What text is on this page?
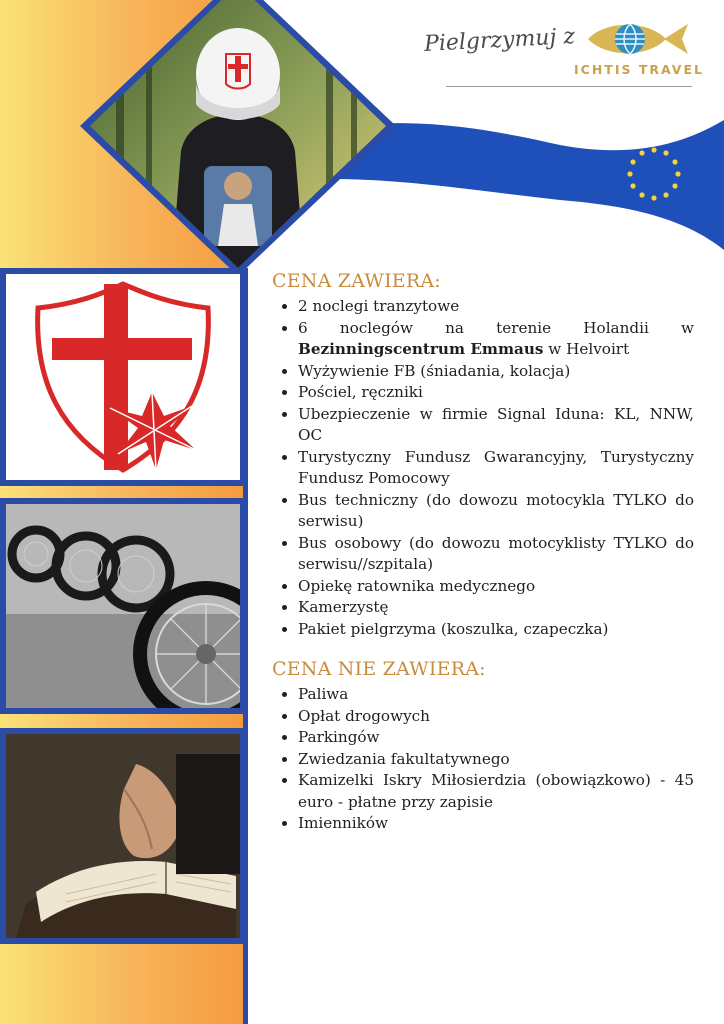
Pielgrzymuj z
ICHTIS TRAVEL
CENA ZAWIERA:
• 2 noclegi tranzytowe
• 6 noclegów na terenie Holandii w Bezinningscentrum Emmaus w Helvoirt
• Wyżywienie FB (śniadania, kolacja)
• Pościel, ręczniki
• Ubezpieczenie w firmie Signal Iduna: KL, NNW, OC
• Turystyczny Fundusz Gwarancyjny, Turystyczny Fundusz Pomocowy
• Bus techniczny (do dowozu motocykla TYLKO do serwisu)
• Bus osobowy (do dowozu motocyklisty TYLKO do serwisu//szpitala)
• Opiekę ratownika medycznego
• Kamerzystę
• Pakiet pielgrzyma (koszulka, czapeczka)
CENA NIE ZAWIERA:
• Paliwa
• Opłat drogowych
• Parkingów
• Zwiedzania fakultatywnego
• Kamizelki Iskry Miłosierdzia (obowiązkowo) - 45 euro - płatne przy zapisie
• Imienników
